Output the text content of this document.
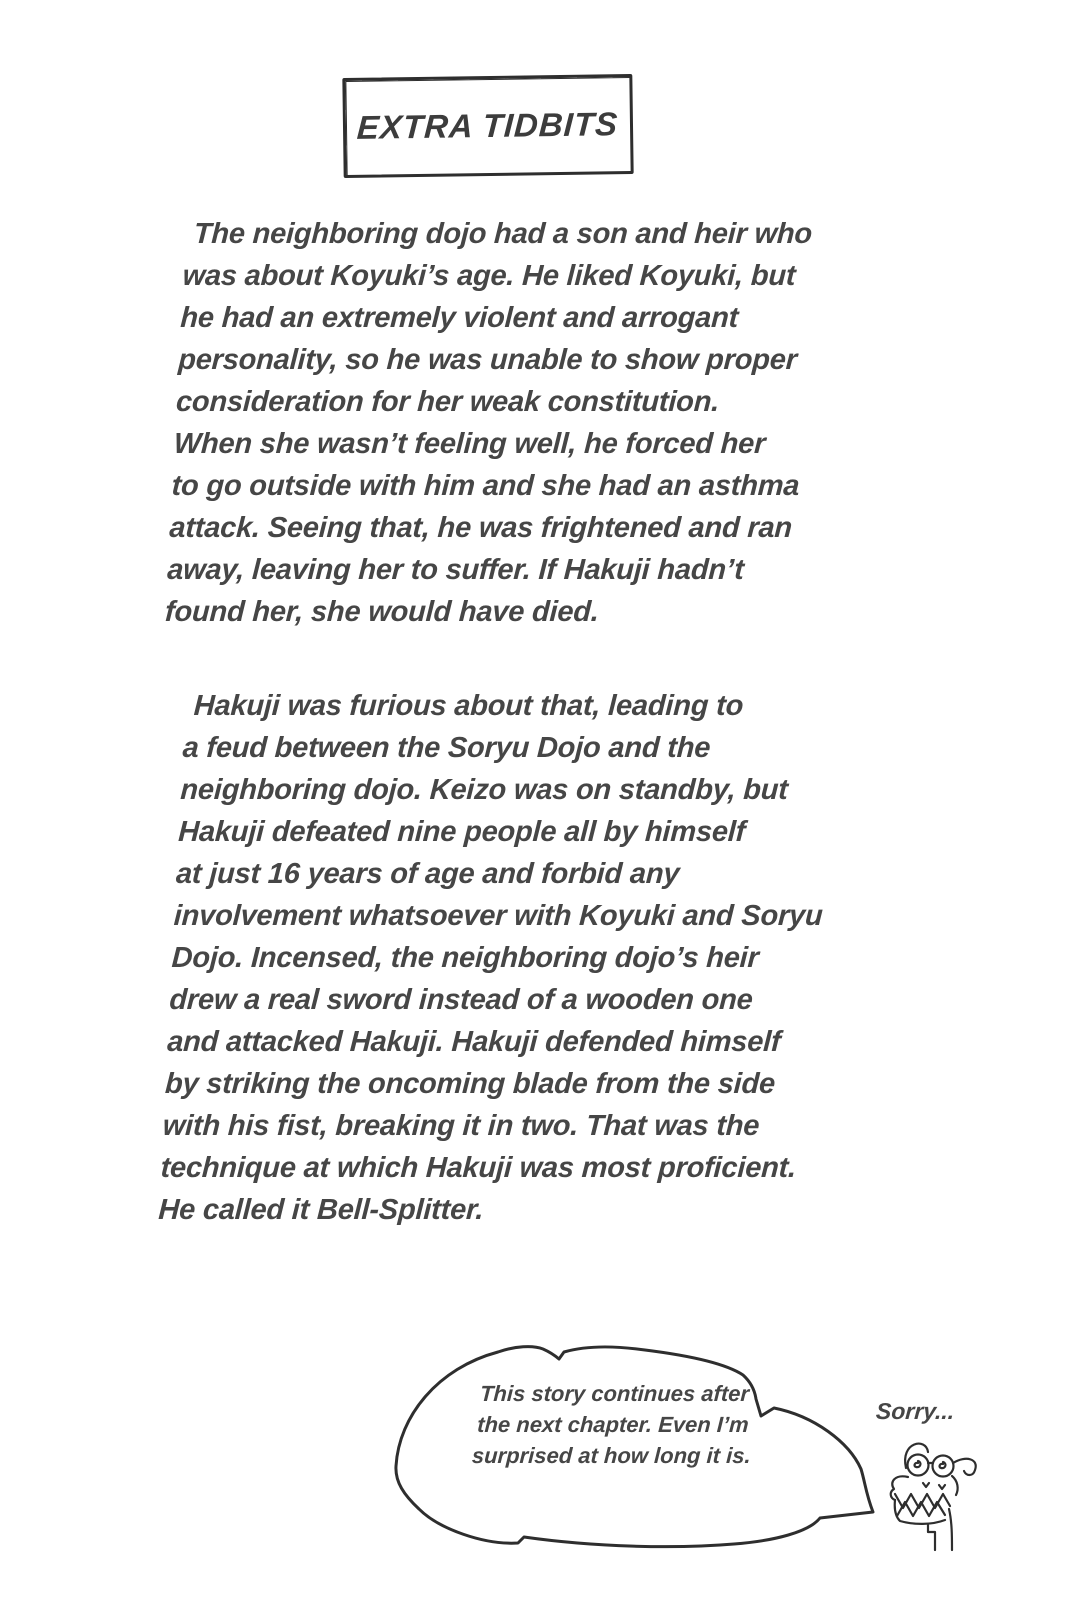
EXTRA TIDBITS
The neighboring dojo had a son and heir who
was about Koyuki’s age. He liked Koyuki, but
he had an extremely violent and arrogant
personality, so he was unable to show proper
consideration for her weak constitution.
When she wasn’t feeling well, he forced her
to go outside with him and she had an asthma
attack. Seeing that, he was frightened and ran
away, leaving her to suffer. If Hakuji hadn’t
found her, she would have died.
Hakuji was furious about that, leading to
a feud between the Soryu Dojo and the
neighboring dojo. Keizo was on standby, but
Hakuji defeated nine people all by himself
at just 16 years of age and forbid any
involvement whatsoever with Koyuki and Soryu
Dojo. Incensed, the neighboring dojo’s heir
drew a real sword instead of a wooden one
and attacked Hakuji. Hakuji defended himself
by striking the oncoming blade from the side
with his fist, breaking it in two. That was the
technique at which Hakuji was most proficient.
He called it Bell-Splitter.
This story continues after
the next chapter. Even I’m
surprised at how long it is.
Sorry...
